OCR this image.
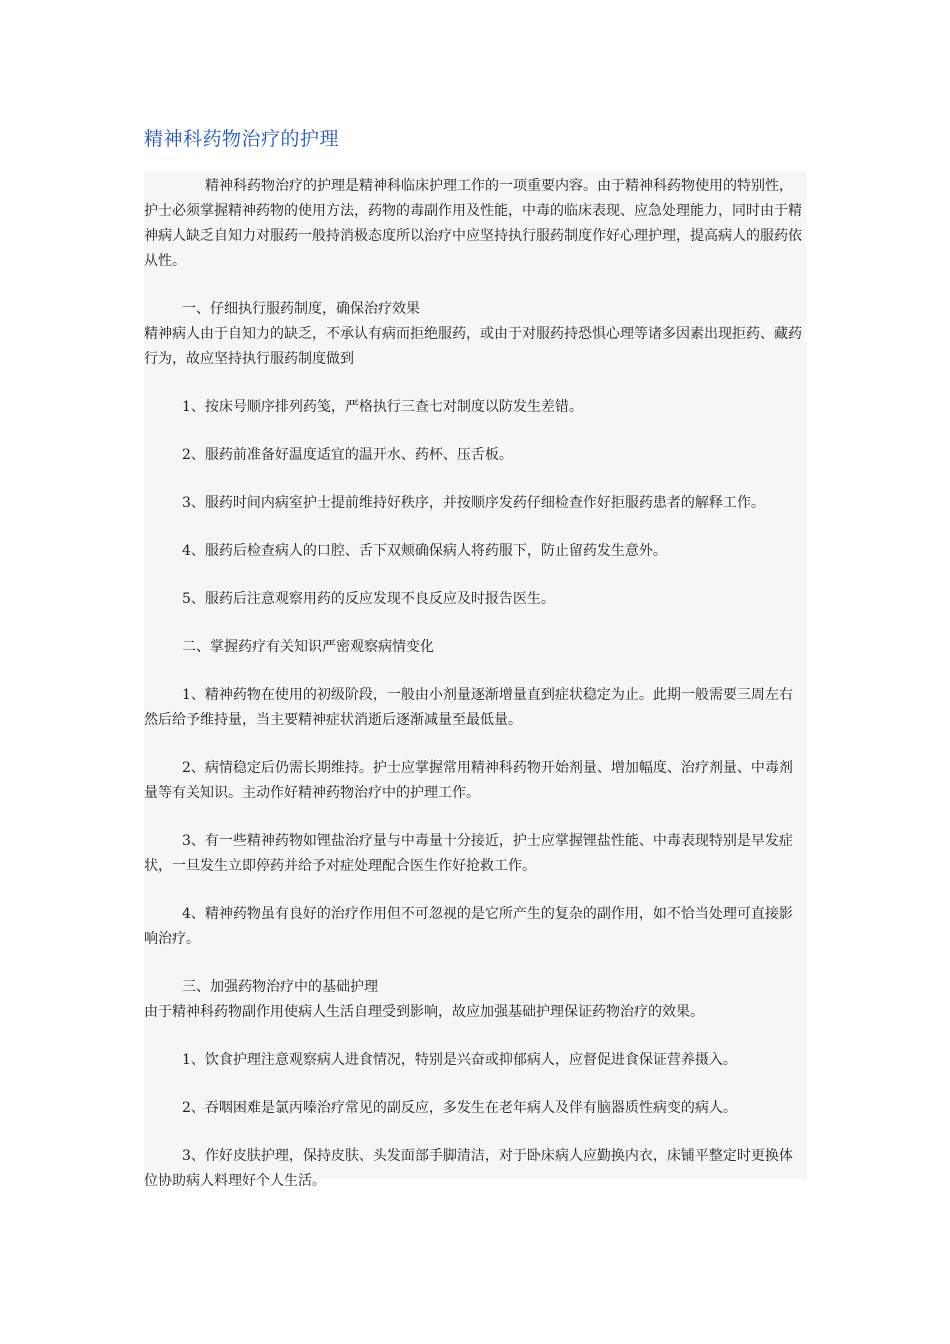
精神科药物治疗的护理

精神科药物治疗的护理是精神科临床护理工作的一项重要内容。由于精神科药物使用的特别性，护士必须掌握精神药物的使用方法，药物的毒副作用及性能，中毒的临床表现、应急处理能力，同时由于精神病人缺乏自知力对服药一般持消极态度所以治疗中应坚持执行服药制度作好心理护理，提高病人的服药依从性。

一、仔细执行服药制度，确保治疗效果

精神病人由于自知力的缺乏，不承认有病而拒绝服药，或由于对服药持恐惧心理等诸多因素出现拒药、藏药行为，故应坚持执行服药制度做到

1、按床号顺序排列药笺，严格执行三查七对制度以防发生差错。

2、服药前准备好温度适宜的温开水、药杯、压舌板。

3、服药时间内病室护士提前维持好秩序，并按顺序发药仔细检查作好拒服药患者的解释工作。

4、服药后检查病人的口腔、舌下双颊确保病人将药服下，防止留药发生意外。

5、服药后注意观察用药的反应发现不良反应及时报告医生。

二、掌握药疗有关知识严密观察病情变化

1、精神药物在使用的初级阶段，一般由小剂量逐渐增量直到症状稳定为止。此期一般需要三周左右然后给予维持量，当主要精神症状消逝后逐渐减量至最低量。

2、病情稳定后仍需长期维持。护士应掌握常用精神科药物开始剂量、增加幅度、治疗剂量、中毒剂量等有关知识。主动作好精神药物治疗中的护理工作。

3、有一些精神药物如锂盐治疗量与中毒量十分接近，护士应掌握锂盐性能、中毒表现特别是早发症状，一旦发生立即停药并给予对症处理配合医生作好抢救工作。

4、精神药物虽有良好的治疗作用但不可忽视的是它所产生的复杂的副作用，如不恰当处理可直接影响治疗。

三、加强药物治疗中的基础护理

由于精神科药物副作用使病人生活自理受到影响，故应加强基础护理保证药物治疗的效果。

1、饮食护理注意观察病人进食情况，特别是兴奋或抑郁病人，应督促进食保证营养摄入。

2、吞咽困难是氯丙嗪治疗常见的副反应，多发生在老年病人及伴有脑器质性病变的病人。

3、作好皮肤护理，保持皮肤、头发面部手脚清洁，对于卧床病人应勤换内衣，床铺平整定时更换体位协助病人料理好个人生活。
